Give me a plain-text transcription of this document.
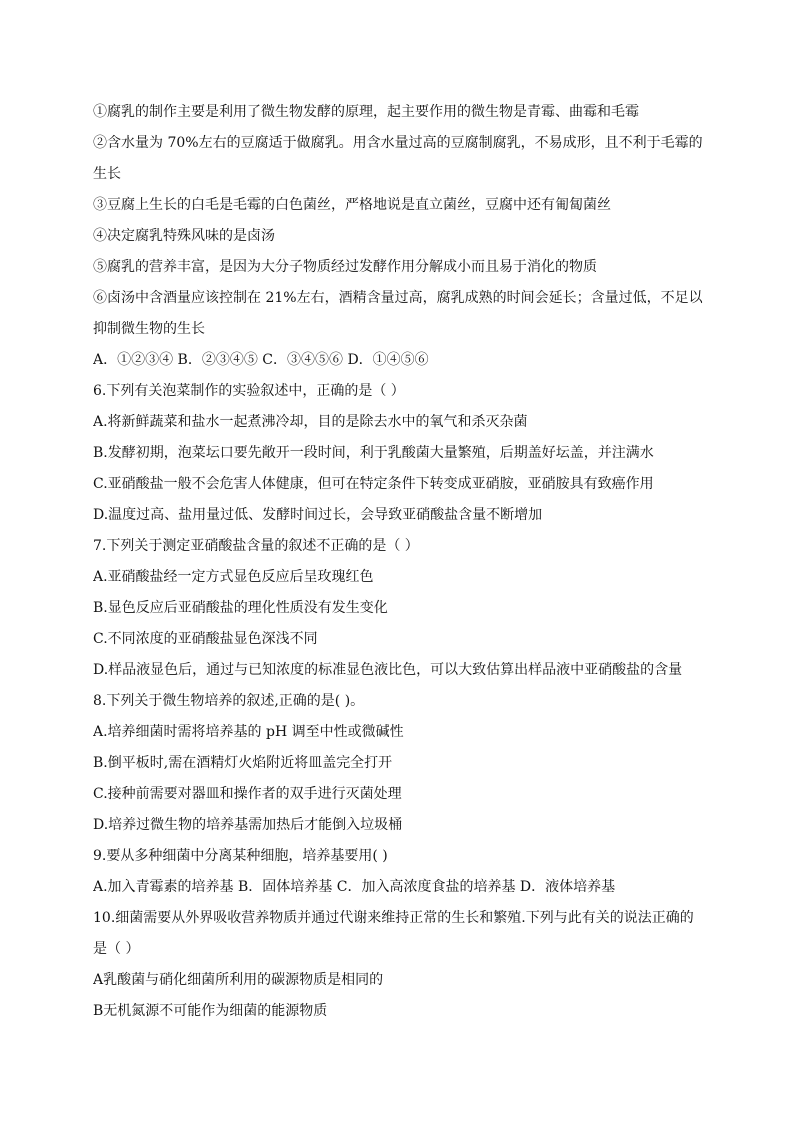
①腐乳的制作主要是利用了微生物发酵的原理，起主要作用的微生物是青霉、曲霉和毛霉
②含水量为 70%左右的豆腐适于做腐乳。用含水量过高的豆腐制腐乳，不易成形，且不利于毛霉的
生长
③豆腐上生长的白毛是毛霉的白色菌丝，严格地说是直立菌丝，豆腐中还有匍匐菌丝
④决定腐乳特殊风味的是卤汤
⑤腐乳的营养丰富，是因为大分子物质经过发酵作用分解成小而且易于消化的物质
⑥卤汤中含酒量应该控制在 21%左右，酒精含量过高，腐乳成熟的时间会延长；含量过低，不足以
抑制微生物的生长
A．①②③④ B．②③④⑤ C．③④⑤⑥ D．①④⑤⑥
6.下列有关泡菜制作的实验叙述中，正确的是（ ）
A.将新鲜蔬菜和盐水一起煮沸冷却，目的是除去水中的氧气和杀灭杂菌
B.发酵初期，泡菜坛口要先敞开一段时间，利于乳酸菌大量繁殖，后期盖好坛盖，并注满水
C.亚硝酸盐一般不会危害人体健康，但可在特定条件下转变成亚硝胺，亚硝胺具有致癌作用
D.温度过高、盐用量过低、发酵时间过长，会导致亚硝酸盐含量不断增加
7.下列关于测定亚硝酸盐含量的叙述不正确的是（ ）
A.亚硝酸盐经一定方式显色反应后呈玫瑰红色
B.显色反应后亚硝酸盐的理化性质没有发生变化
C.不同浓度的亚硝酸盐显色深浅不同
D.样品液显色后，通过与已知浓度的标准显色液比色，可以大致估算出样品液中亚硝酸盐的含量
8.下列关于微生物培养的叙述,正确的是( )。
A.培养细菌时需将培养基的 pH 调至中性或微碱性
B.倒平板时,需在酒精灯火焰附近将皿盖完全打开
C.接种前需要对器皿和操作者的双手进行灭菌处理
D.培养过微生物的培养基需加热后才能倒入垃圾桶
9.要从多种细菌中分离某种细胞，培养基要用( )
A.加入青霉素的培养基 B．固体培养基 C．加入高浓度食盐的培养基 D．液体培养基
10.细菌需要从外界吸收营养物质并通过代谢来维持正常的生长和繁殖.下列与此有关的说法正确的
是（ ）
A乳酸菌与硝化细菌所利用的碳源物质是相同的
B无机氮源不可能作为细菌的能源物质
